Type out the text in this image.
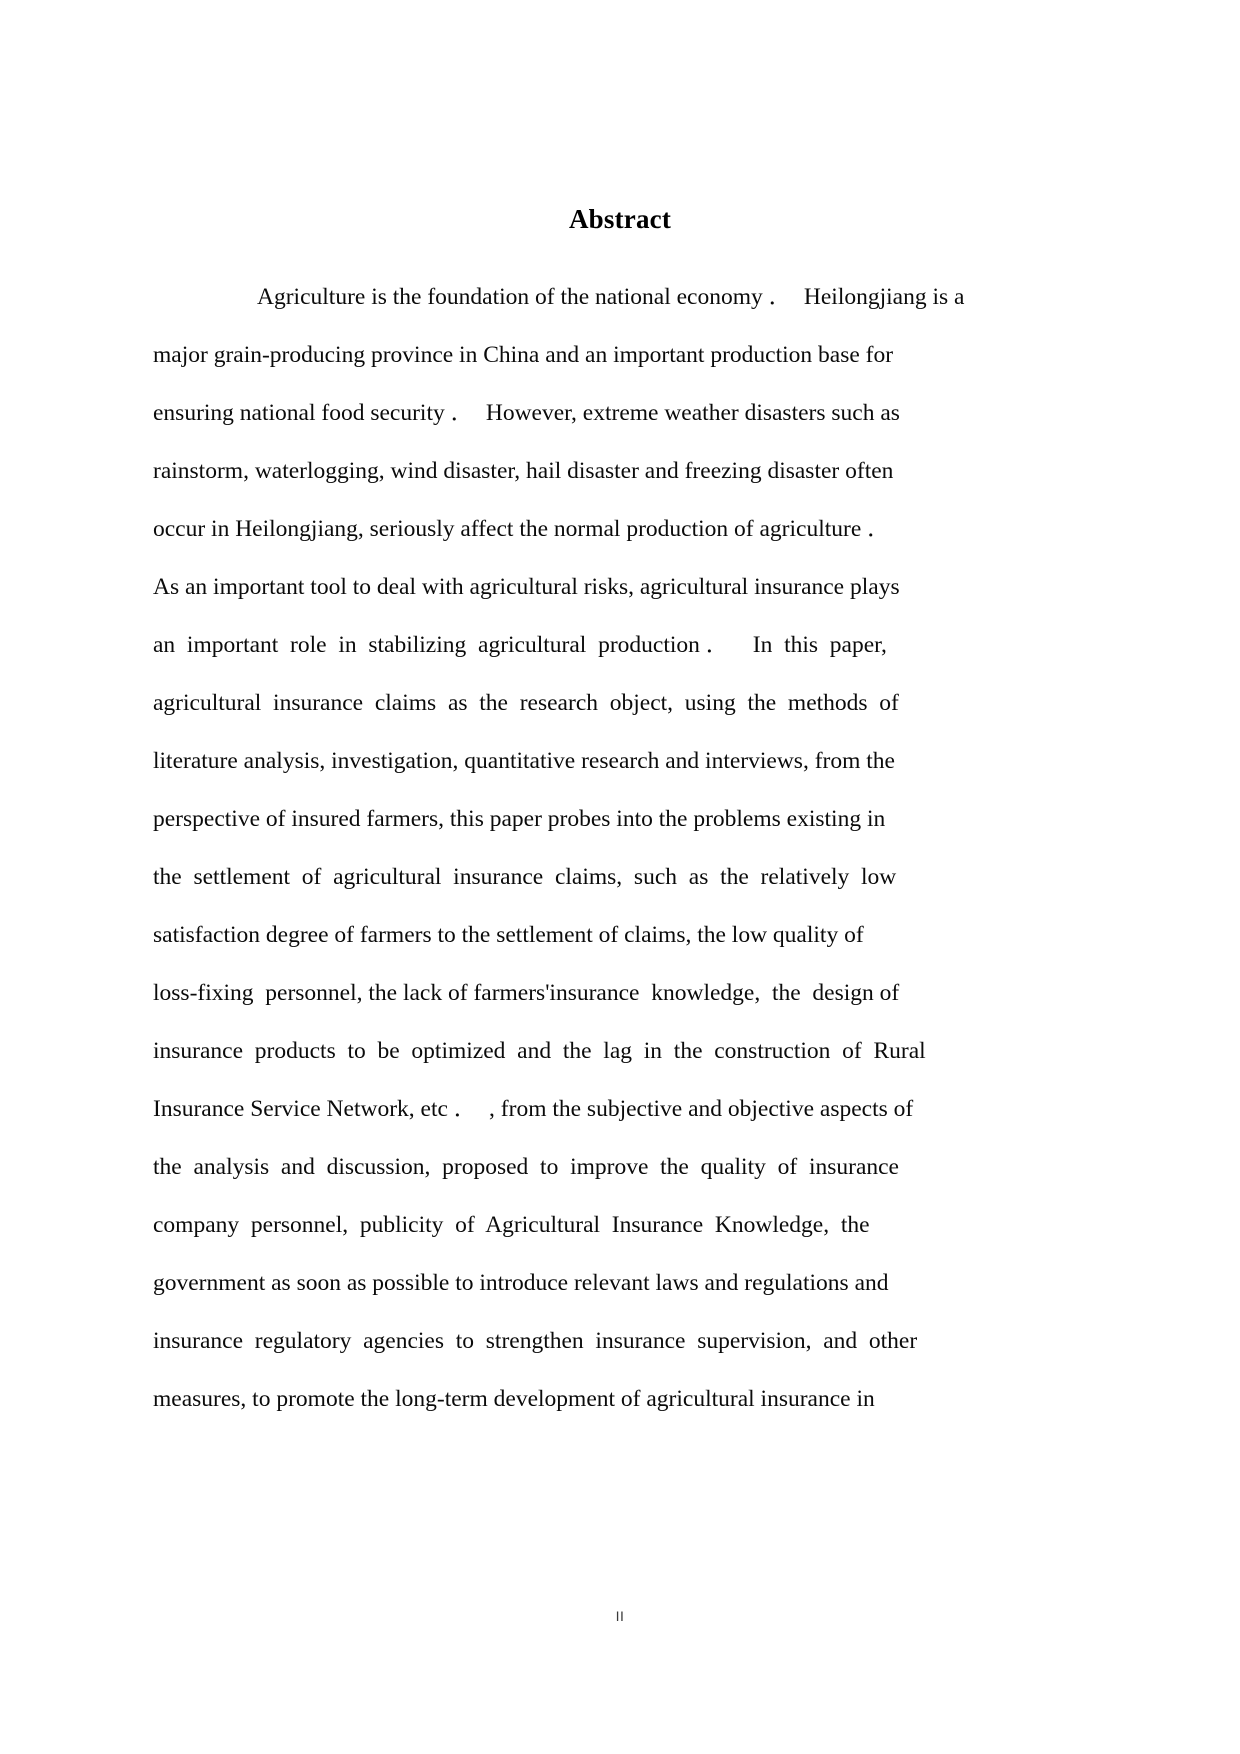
Abstract
Agriculture is the foundation of the national economy ．  Heilongjiang is a
major grain-producing province in China and an important production base for
ensuring national food security ．  However, extreme weather disasters such as
rainstorm, waterlogging, wind disaster, hail disaster and freezing disaster often
occur in Heilongjiang, seriously affect the normal production of agriculture ．
As an important tool to deal with agricultural risks, agricultural insurance plays
an  important  role  in  stabilizing  agricultural  production ．    In  this  paper,
agricultural  insurance  claims  as  the  research  object,  using  the  methods  of
literature analysis, investigation, quantitative research and interviews, from the
perspective of insured farmers, this paper probes into the problems existing in
the  settlement  of  agricultural  insurance  claims,  such  as  the  relatively  low
satisfaction degree of farmers to the settlement of claims, the low quality of
loss-fixing  personnel, the lack of farmers'insurance  knowledge,  the  design of
insurance  products  to  be  optimized  and  the  lag  in  the  construction  of  Rural
Insurance Service Network, etc ．  , from the subjective and objective aspects of
the  analysis  and  discussion,  proposed  to  improve  the  quality  of  insurance
company  personnel,  publicity  of  Agricultural  Insurance  Knowledge,  the
government as soon as possible to introduce relevant laws and regulations and
insurance  regulatory  agencies  to  strengthen  insurance  supervision,  and  other
measures, to promote the long-term development of agricultural insurance in
II
